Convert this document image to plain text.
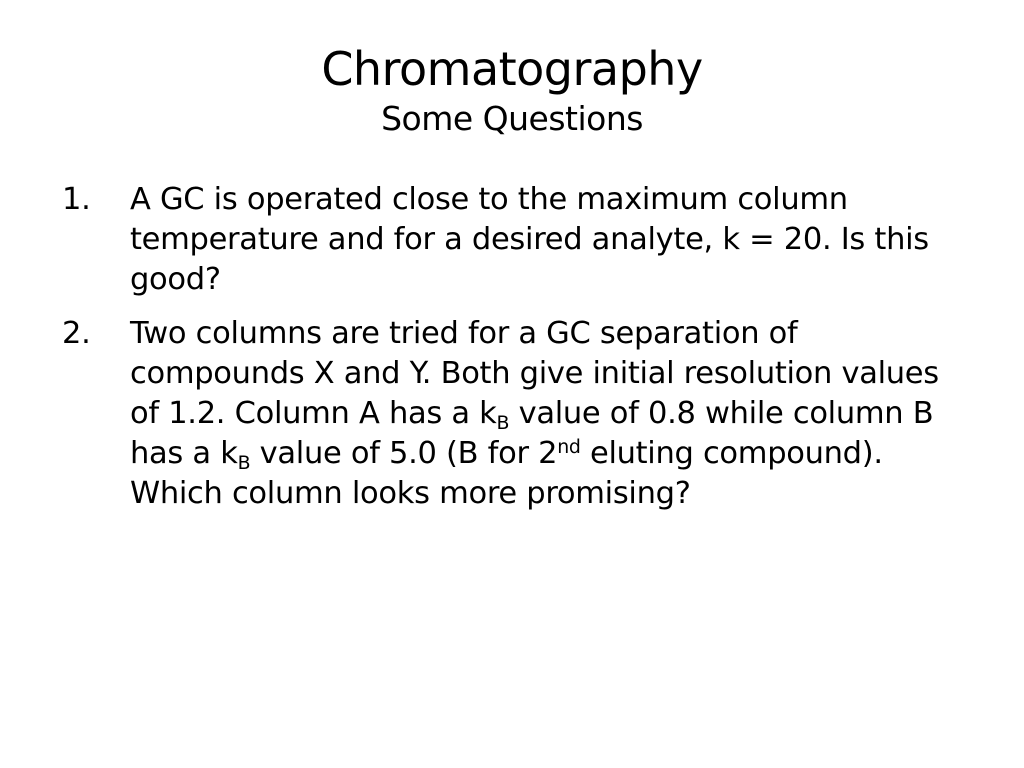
Chromatography
Some Questions
1. A GC is operated close to the maximum column temperature and for a desired analyte, k = 20. Is this good?
2. Two columns are tried for a GC separation of compounds X and Y. Both give initial resolution values of 1.2. Column A has a $k_B$ value of 0.8 while column B has a $k_B$ value of 5.0 (B for 2nd eluting compound). Which column looks more promising?
